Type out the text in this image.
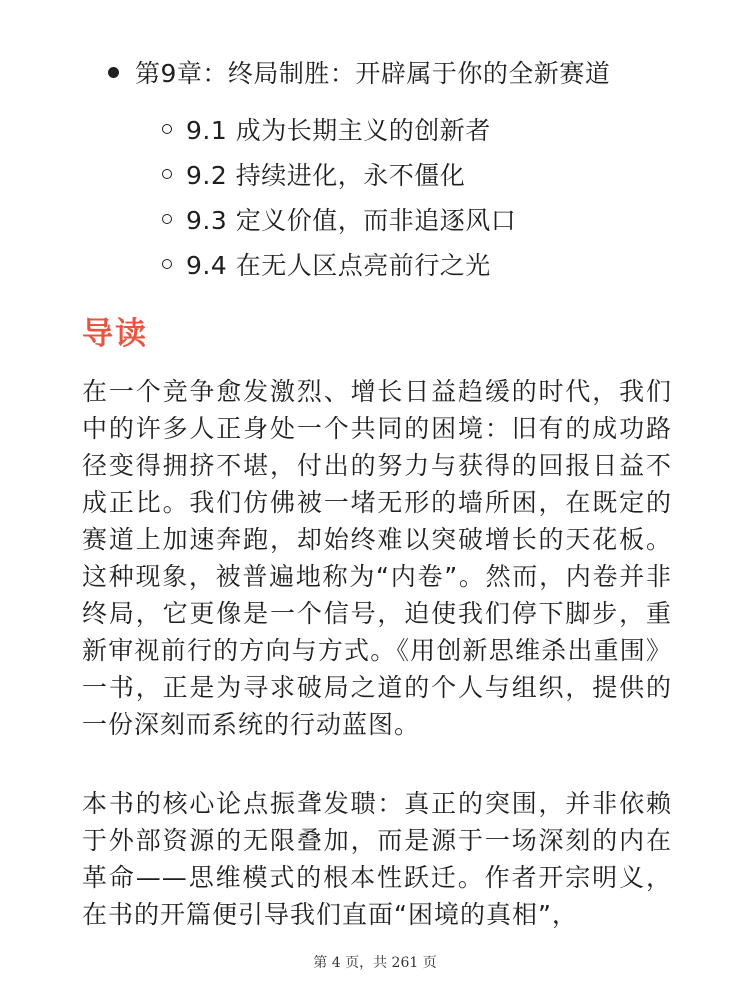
第9章：终局制胜：开辟属于你的全新赛道
9.1 成为长期主义的创新者
9.2 持续进化，永不僵化
9.3 定义价值，而非追逐风口
9.4 在无人区点亮前行之光
导读

在一个竞争愈发激烈、增长日益趋缓的时代，我们中的许多人正身处一个共同的困境：旧有的成功路径变得拥挤不堪，付出的努力与获得的回报日益不成正比。我们仿佛被一堵无形的墙所困，在既定的赛道上加速奔跑，却始终难以突破增长的天花板。这种现象，被普遍地称为“内卷”。然而，内卷并非终局，它更像是一个信号，迫使我们停下脚步，重新审视前行的方向与方式。《用创新思维杀出重围》一书，正是为寻求破局之道的个人与组织，提供的一份深刻而系统的行动蓝图。

本书的核心论点振聋发聩：真正的突围，并非依赖于外部资源的无限叠加，而是源于一场深刻的内在革命——思维模式的根本性跃迁。作者开宗明义，在书的开篇便引导我们直面“困境的真相”，

第 4 页，共 261 页
